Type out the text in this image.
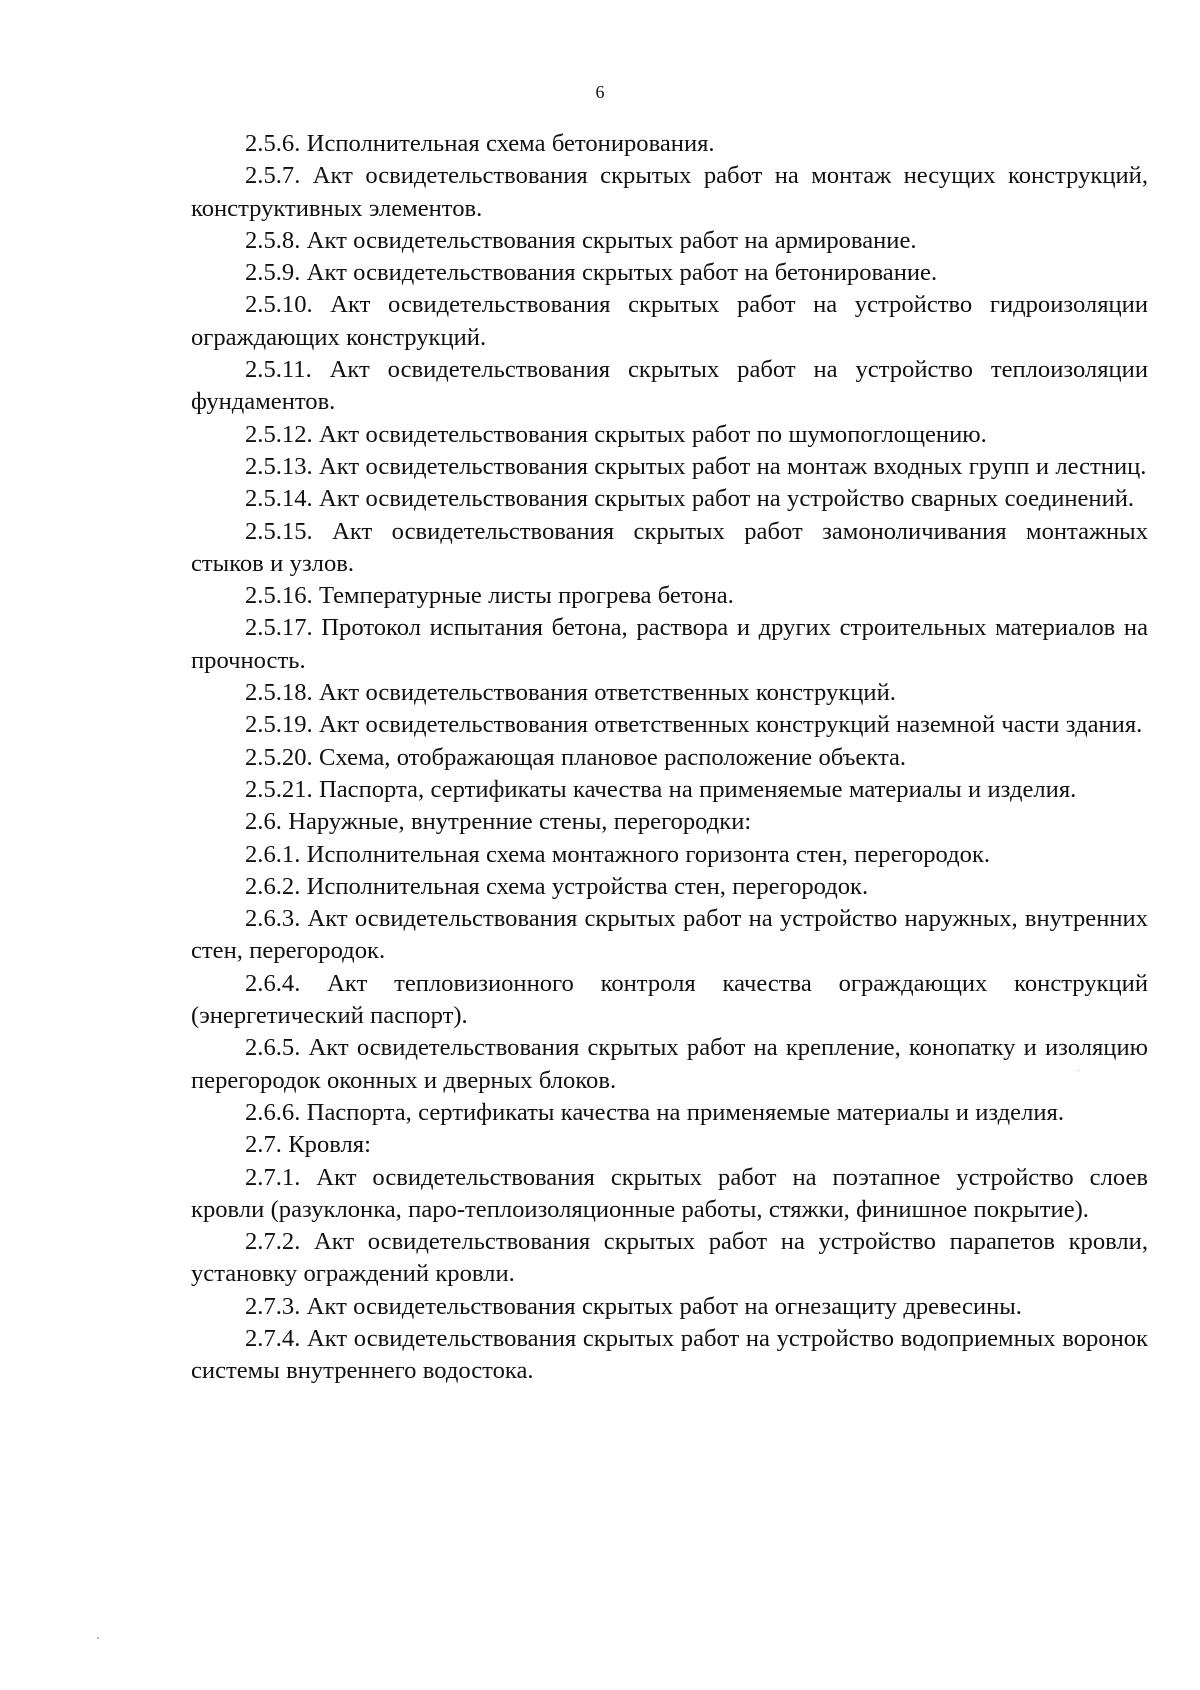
6

2.5.6. Исполнительная схема бетонирования.

2.5.7. Акт освидетельствования скрытых работ на монтаж несущих конструкций, конструктивных элементов.

2.5.8. Акт освидетельствования скрытых работ на армирование.

2.5.9. Акт освидетельствования скрытых работ на бетонирование.

2.5.10. Акт освидетельствования скрытых работ на устройство гидроизоляции ограждающих конструкций.

2.5.11. Акт освидетельствования скрытых работ на устройство теплоизоляции фундаментов.

2.5.12. Акт освидетельствования скрытых работ по шумопоглощению.

2.5.13. Акт освидетельствования скрытых работ на монтаж входных групп и лестниц.

2.5.14. Акт освидетельствования скрытых работ на устройство сварных соединений.

2.5.15. Акт освидетельствования скрытых работ замоноличивания монтажных стыков и узлов.

2.5.16. Температурные листы прогрева бетона.

2.5.17. Протокол испытания бетона, раствора и других строительных материалов на прочность.

2.5.18. Акт освидетельствования ответственных конструкций.

2.5.19. Акт освидетельствования ответственных конструкций наземной части здания.

2.5.20. Схема, отображающая плановое расположение объекта.

2.5.21. Паспорта, сертификаты качества на применяемые материалы и изделия.

2.6. Наружные, внутренние стены, перегородки:

2.6.1. Исполнительная схема монтажного горизонта стен, перегородок.

2.6.2. Исполнительная схема устройства стен, перегородок.

2.6.3. Акт освидетельствования скрытых работ на устройство наружных, внутренних стен, перегородок.

2.6.4. Акт тепловизионного контроля качества ограждающих конструкций (энергетический паспорт).

2.6.5. Акт освидетельствования скрытых работ на крепление, конопатку и изоляцию перегородок оконных и дверных блоков.

2.6.6. Паспорта, сертификаты качества на применяемые материалы и изделия.

2.7. Кровля:

2.7.1. Акт освидетельствования скрытых работ на поэтапное устройство слоев кровли (разуклонка, паро-теплоизоляционные работы, стяжки, финишное покрытие).

2.7.2. Акт освидетельствования скрытых работ на устройство парапетов кровли, установку ограждений кровли.

2.7.3. Акт освидетельствования скрытых работ на огнезащиту древесины.

2.7.4. Акт освидетельствования скрытых работ на устройство водоприемных воронок системы внутреннего водостока.
